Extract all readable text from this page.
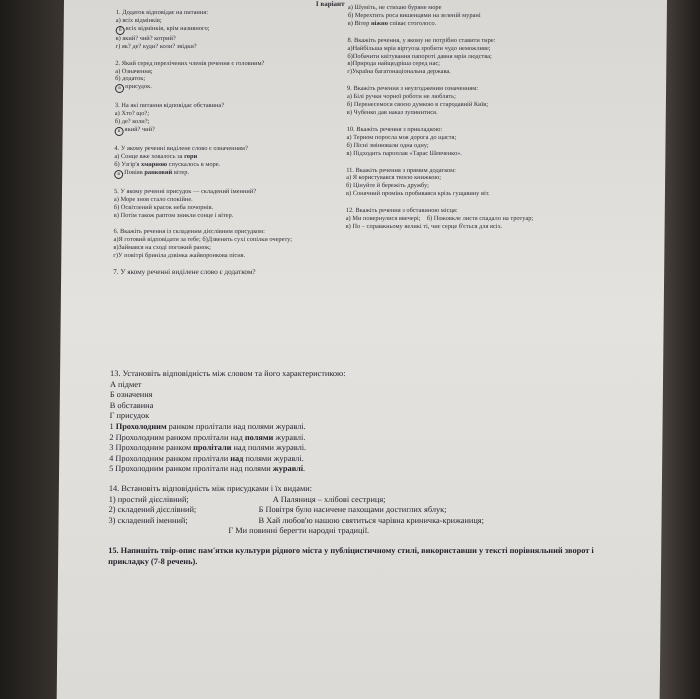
I варіант

1. Додаток відповідає на питання:

а) всіх відмінків;

б всіх відмінків, крім називного;

в) який? чий? котрий?

г) як? де? куди? коли? звідки?

2. Який серед перелічених членів речення є головним?

а) Означення;

б) додаток;

в присудок.

3. На які питання відповідає обставина?

а) Хто? що?;

б) де? коли?;

в який? чий?

4. У якому реченні виділене слово є означенням?

а) Сонце вже ховалось за гори

б) Узгір'я хмарною спускалось в море.

в Повіяв ранковий вітер.

5. У якому реченні присудок — складений іменний?

а) Море знов стало спокійне.

б) Освітлений красок неба почорнів.

в) Потім також раптом зникли сонце і вітер.

6. Вкажіть речення із складеним дієслівним присудком:

а)Я готовий відповідати за тебе; б)Дзвенять сухі сопілки очерету;

в)Займався на сході погожий ранок;

г)У повітрі бриніла дзвінка жайворонкова пісня.

7. У якому реченні виділене слово є додатком?

а) Шуміть, не стихаю буряне море

б) Мерехтить роса вишенцями на зеленій мурані

в) Вітер ніжно співає стоголосо.

8. Вкажіть речення, у якому не потрібно ставити тире:

а)Найбільша мрія віртуоза зробити чудо неможливе;

б)Побачити квітування папороті давня мрія людства;

в)Природа найщедріша серед нас;

г)Україна багатонаціональна держава.

9. Вкажіть речення з неузгодженим означенням:

а) Білі ручки чорної роботи не люблять;

б) Перенесемося своєю думкою в стародавній Київ;

в) Чубенко дав наказ зупинитися.

10. Вкажіть речення з прикладкою:

а) Терном поросла моя дорога до щастя;

б) Пісні змінювали одна одну;

в) Підходить пароплав «Тарас Шевченко».

11. Вкажіть речення з прямим додатком:

а) Я користувався твоєю книжкою;

б) Цінуйте й бережіть дружбу;

в) Сонячний промінь пробивався крізь гущавину віт.

12. Вкажіть речення з обставиною місця:

а) Ми повернулися ввечері; б) Пожовкле листя спадало на тротуар;

в) По – справжньому великі ті, чиє серце б'ється для всіх.

13. Установіть відповідність між словом та його характеристикою:

А підмет

Б означення

В обставина

Г присудок

1 Прохолодним ранком пролітали над полями журавлі.

2 Прохолодним ранком пролітали над полями журавлі.

3 Прохолодним ранком пролітали над полями журавлі.

4 Прохолодним ранком пролітали над полями журавлі.

5 Прохолодним ранком пролітали над полями журавлі.

14. Встановіть відповідність між присудками і їх видами:

1) простий дієслівний;	А Паляниця – хлібові сестриця;
2) складений дієслівний;	Б Повітря було насичене пахощами достиглих яблук;
3) складений іменний;	В Хай любов'ю нашою святиться чарівна криничка-крижаниця;

Г Ми повинні берегти народні традиції.

15. Напишіть твір-опис пам'ятки культури рідного міста у публіцистичному стилі, використавши у тексті порівняльний зворот і прикладку (7-8 речень).
